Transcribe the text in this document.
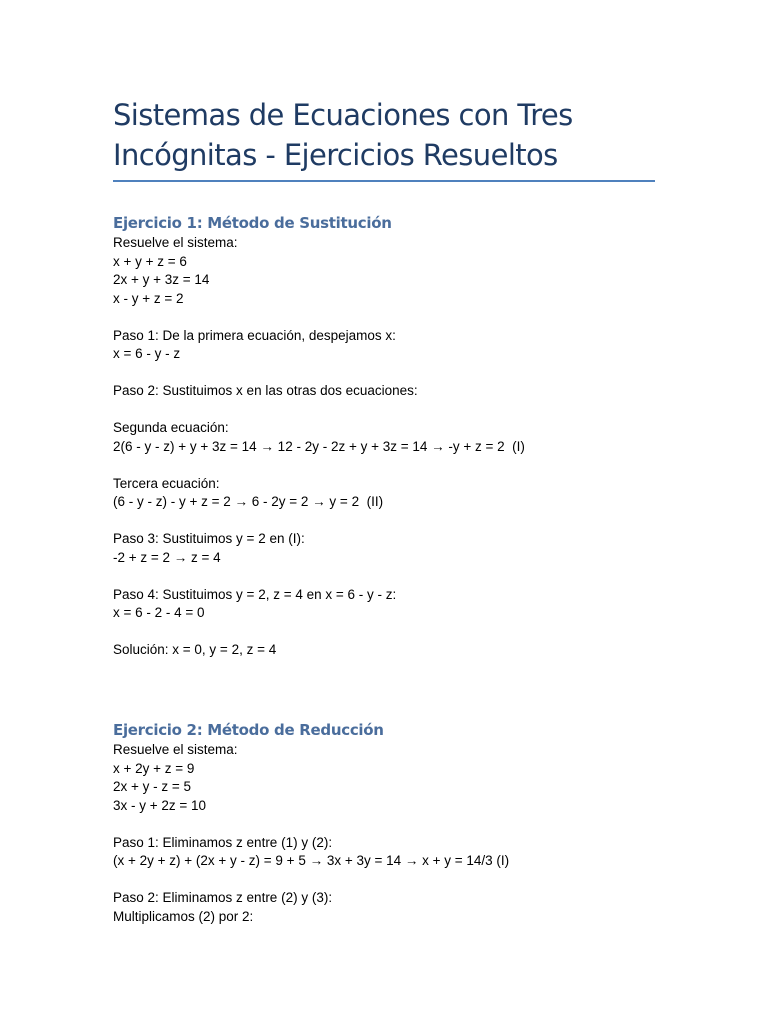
Sistemas de Ecuaciones con Tres
Incógnitas - Ejercicios Resueltos
Ejercicio 1: Método de Sustitución
Resuelve el sistema:
x + y + z = 6
2x + y + 3z = 14
x - y + z = 2
Paso 1: De la primera ecuación, despejamos x:
x = 6 - y - z
Paso 2: Sustituimos x en las otras dos ecuaciones:
Segunda ecuación:
2(6 - y - z) + y + 3z = 14 → 12 - 2y - 2z + y + 3z = 14 → -y + z = 2  (I)
Tercera ecuación:
(6 - y - z) - y + z = 2 → 6 - 2y = 2 → y = 2  (II)
Paso 3: Sustituimos y = 2 en (I):
-2 + z = 2 → z = 4
Paso 4: Sustituimos y = 2, z = 4 en x = 6 - y - z:
x = 6 - 2 - 4 = 0
Solución: x = 0, y = 2, z = 4
Ejercicio 2: Método de Reducción
Resuelve el sistema:
x + 2y + z = 9
2x + y - z = 5
3x - y + 2z = 10
Paso 1: Eliminamos z entre (1) y (2):
(x + 2y + z) + (2x + y - z) = 9 + 5 → 3x + 3y = 14 → x + y = 14/3 (I)
Paso 2: Eliminamos z entre (2) y (3):
Multiplicamos (2) por 2:
